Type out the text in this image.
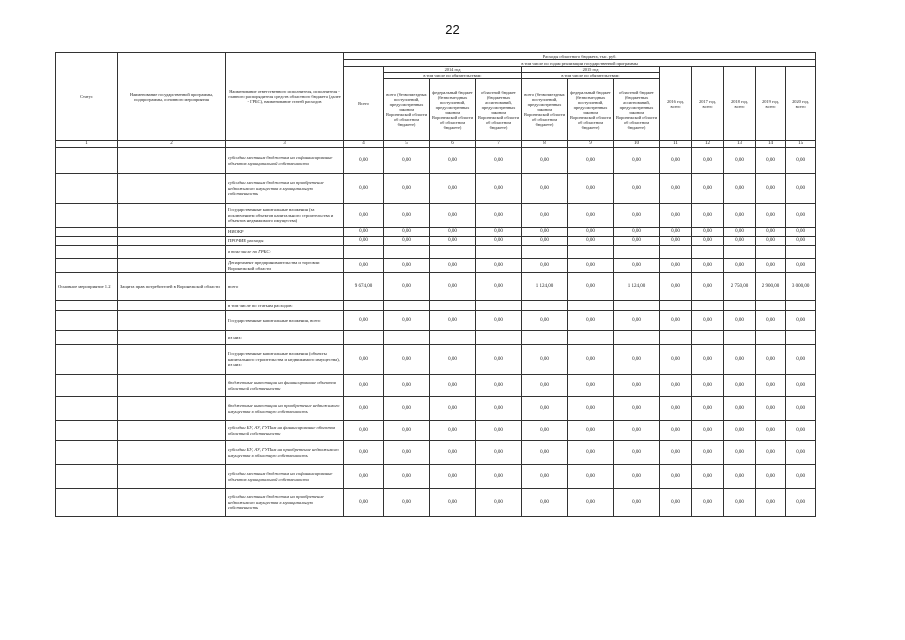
22
Статус	Наименование государственной программы, подпрограммы, основного мероприятия	Наименование ответственного исполнителя, исполнителя - главного распорядителя средств областного бюджета (далее - ГРБС), наименование статей расходов	Расходы областного бюджета, тыс. руб.											
			в том числе по годам реализации государственной программы											
			Всего	2014 год			2015 год			2016 год, всего	2017 год, всего	2018 год, всего	2019 год, всего	2020 год, всего
				в том числе по обязательствам:			в том числе по обязательствам:							
				всего (безвозмездных поступлений, предусмотренных законом Воронежской области об областном бюджете)	федеральный бюджет (безвозмездных поступлений, предусмотренных законом Воронежской области об областном бюджете)	областной бюджет (бюджетных ассигнований, предусмотренных законом Воронежской области об областном бюджете)	всего (безвозмездных поступлений, предусмотренных законом Воронежской области об областном бюджете)	федеральный бюджет (безвозмездных поступлений, предусмотренных законом Воронежской области об областном бюджете)	областной бюджет (бюджетных ассигнований, предусмотренных законом Воронежской области об областном бюджете)					
1	2	3	4	5	6	7	8	9	10	11	12	13	14	15
		субсидии местным бюджетам на софинансирование объектов муниципальной собственности	0,00	0,00	0,00	0,00	0,00	0,00	0,00	0,00	0,00	0,00	0,00	0,00
		субсидии местным бюджетам на приобретение недвижимого имущества в муниципальную собственность	0,00	0,00	0,00	0,00	0,00	0,00	0,00	0,00	0,00	0,00	0,00	0,00
		Государственные капитальные вложения (за исключением объектов капитального строительства и объектов недвижимого имущества)	0,00	0,00	0,00	0,00	0,00	0,00	0,00	0,00	0,00	0,00	0,00	0,00
		НИОКР	0,00	0,00	0,00	0,00	0,00	0,00	0,00	0,00	0,00	0,00	0,00	0,00
		ПРОЧИЕ расходы	0,00	0,00	0,00	0,00	0,00	0,00	0,00	0,00	0,00	0,00	0,00	0,00
		в том числе по ГРБС:												
		Департамент предпринимательства и торговли Воронежской области	0,00	0,00	0,00	0,00	0,00	0,00	0,00	0,00	0,00	0,00	0,00	0,00
Основное мероприятие 1.2	Защита прав потребителей в Воронежской области	всего	9 674,00	0,00	0,00	0,00	1 124,00	0,00	1 124,00	0,00	0,00	2 750,00	2 900,00	3 000,00
		в том числе по статьям расходов:												
		Государственные капитальные вложения, всего	0,00	0,00	0,00	0,00	0,00	0,00	0,00	0,00	0,00	0,00	0,00	0,00
		из них:												
		Государственные капитальные вложения (объекты капитального строительства и недвижимого имущества), из них:	0,00	0,00	0,00	0,00	0,00	0,00	0,00	0,00	0,00	0,00	0,00	0,00
		бюджетные инвестиции на финансирование объектов областной собственности	0,00	0,00	0,00	0,00	0,00	0,00	0,00	0,00	0,00	0,00	0,00	0,00
		бюджетные инвестиции на приобретение недвижимого имущества в областную собственность	0,00	0,00	0,00	0,00	0,00	0,00	0,00	0,00	0,00	0,00	0,00	0,00
		субсидии БУ, АУ, ГУПам на финансирование объектов областной собственности	0,00	0,00	0,00	0,00	0,00	0,00	0,00	0,00	0,00	0,00	0,00	0,00
		субсидии БУ, АУ, ГУПам на приобретение недвижимого имущества в областную собственность	0,00	0,00	0,00	0,00	0,00	0,00	0,00	0,00	0,00	0,00	0,00	0,00
		субсидии местным бюджетам на софинансирование объектов муниципальной собственности	0,00	0,00	0,00	0,00	0,00	0,00	0,00	0,00	0,00	0,00	0,00	0,00
		субсидии местным бюджетам на приобретение недвижимого имущества в муниципальную собственность	0,00	0,00	0,00	0,00	0,00	0,00	0,00	0,00	0,00	0,00	0,00	0,00
